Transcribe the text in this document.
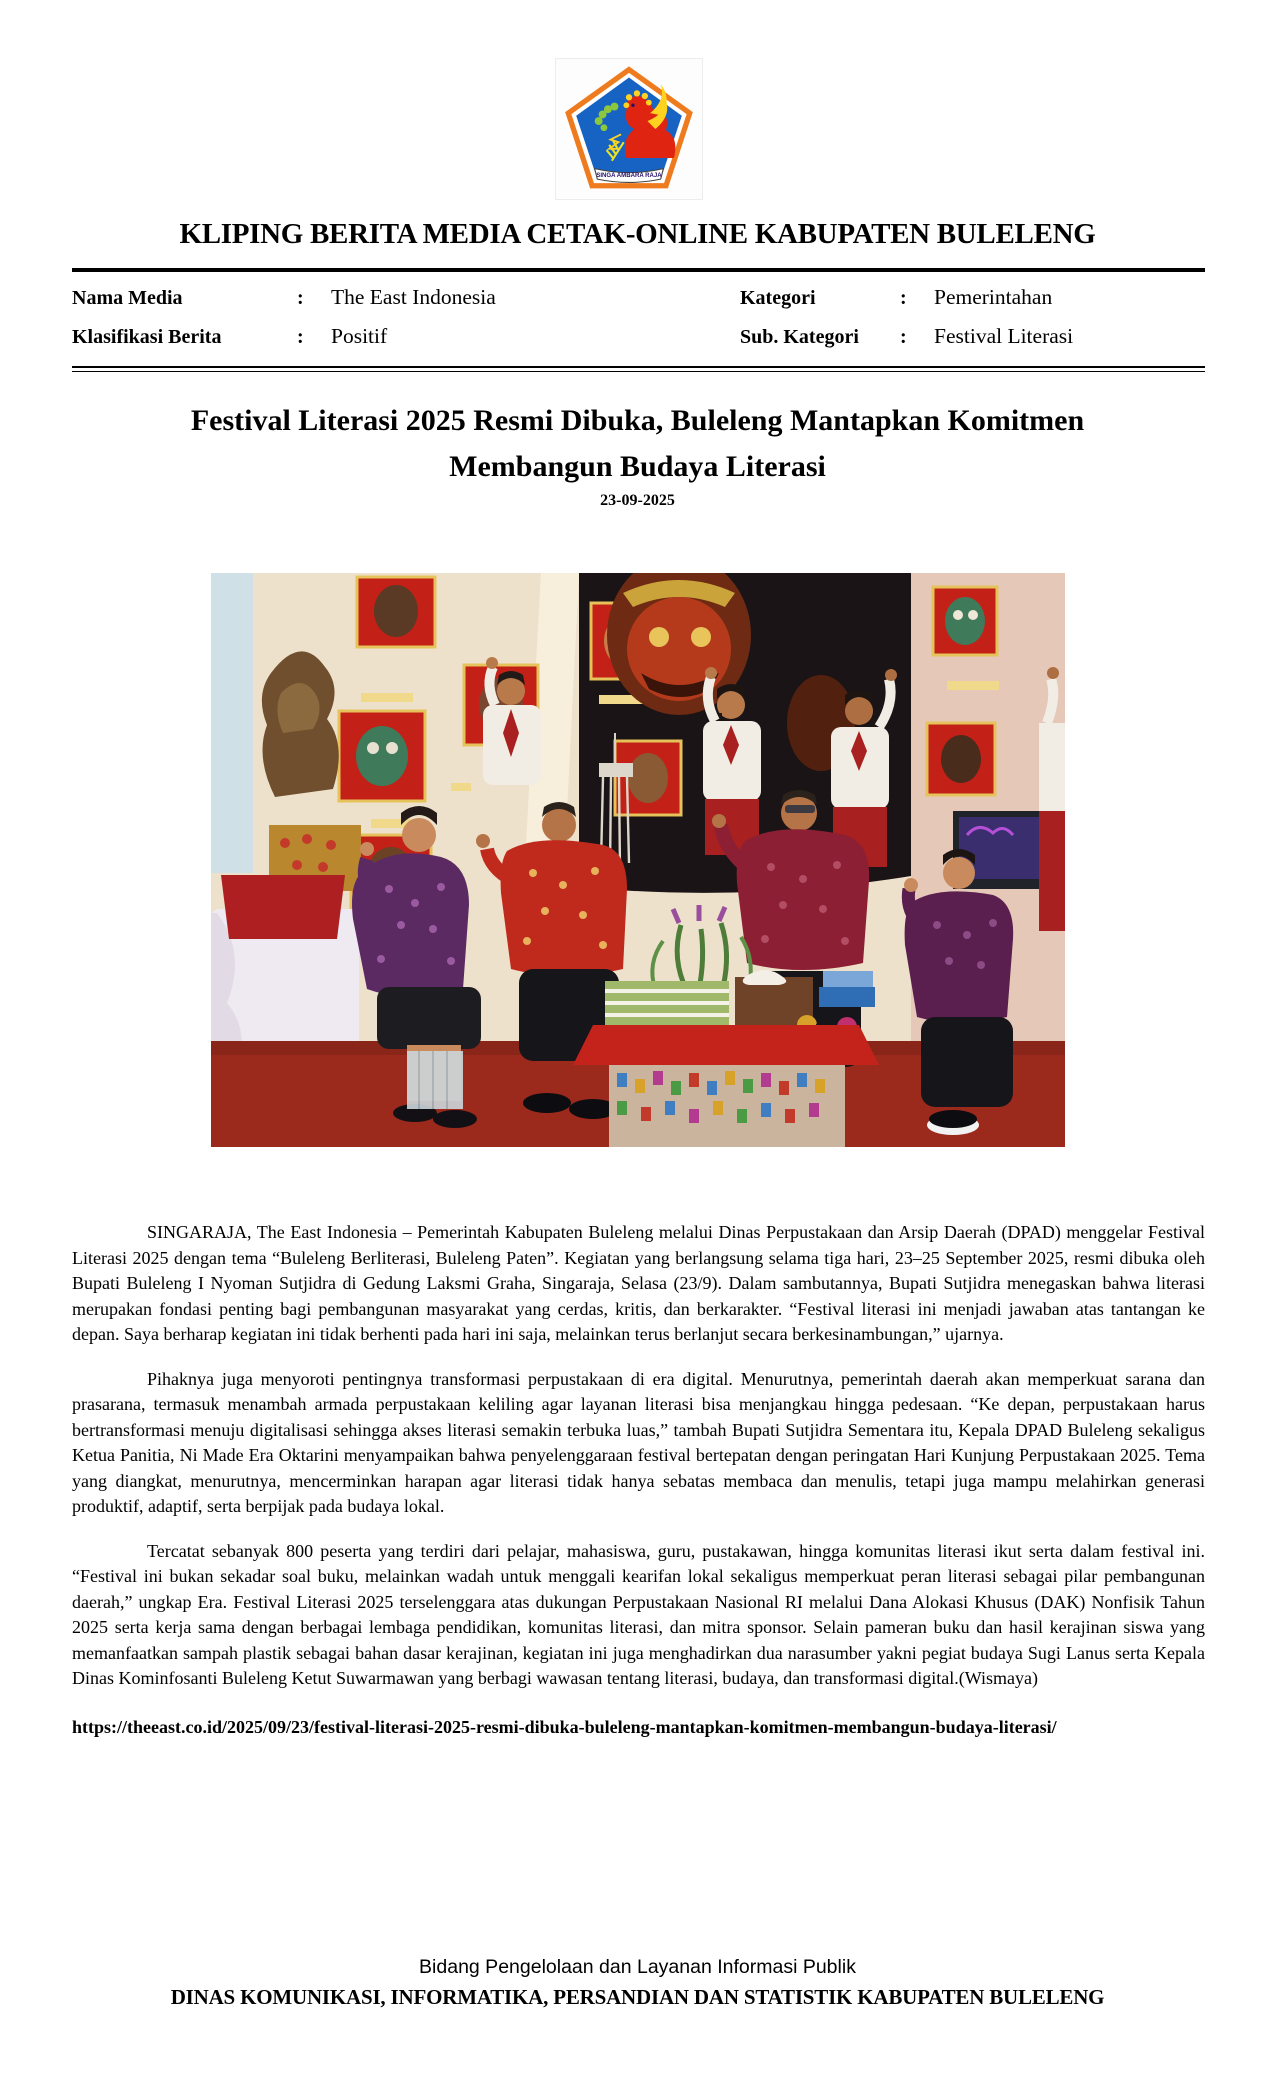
SINGA AMBARA RAJA
KLIPING BERITA MEDIA CETAK-ONLINE KABUPATEN BULELENG
Nama Media	:	The East Indonesia	Kategori	:	Pemerintahan
Klasifikasi Berita	:	Positif	Sub. Kategori	:	Festival Literasi
Festival Literasi 2025 Resmi Dibuka, Buleleng Mantapkan Komitmen
Membangun Budaya Literasi
23-09-2025

SINGARAJA, The East Indonesia – Pemerintah Kabupaten Buleleng melalui Dinas Perpustakaan dan Arsip Daerah (DPAD) menggelar Festival Literasi 2025 dengan tema “Buleleng Berliterasi, Buleleng Paten”. Kegiatan yang berlangsung selama tiga hari, 23–25 September 2025, resmi dibuka oleh Bupati Buleleng I Nyoman Sutjidra di Gedung Laksmi Graha, Singaraja, Selasa (23/9). Dalam sambutannya, Bupati Sutjidra menegaskan bahwa literasi merupakan fondasi penting bagi pembangunan masyarakat yang cerdas, kritis, dan berkarakter. “Festival literasi ini menjadi jawaban atas tantangan ke depan. Saya berharap kegiatan ini tidak berhenti pada hari ini saja, melainkan terus berlanjut secara berkesinambungan,” ujarnya.

Pihaknya juga menyoroti pentingnya transformasi perpustakaan di era digital. Menurutnya, pemerintah daerah akan memperkuat sarana dan prasarana, termasuk menambah armada perpustakaan keliling agar layanan literasi bisa menjangkau hingga pedesaan. “Ke depan, perpustakaan harus bertransformasi menuju digitalisasi sehingga akses literasi semakin terbuka luas,” tambah Bupati Sutjidra Sementara itu, Kepala DPAD Buleleng sekaligus Ketua Panitia, Ni Made Era Oktarini menyampaikan bahwa penyelenggaraan festival bertepatan dengan peringatan Hari Kunjung Perpustakaan 2025. Tema yang diangkat, menurutnya, mencerminkan harapan agar literasi tidak hanya sebatas membaca dan menulis, tetapi juga mampu melahirkan generasi produktif, adaptif, serta berpijak pada budaya lokal.

Tercatat sebanyak 800 peserta yang terdiri dari pelajar, mahasiswa, guru, pustakawan, hingga komunitas literasi ikut serta dalam festival ini. “Festival ini bukan sekadar soal buku, melainkan wadah untuk menggali kearifan lokal sekaligus memperkuat peran literasi sebagai pilar pembangunan daerah,” ungkap Era. Festival Literasi 2025 terselenggara atas dukungan Perpustakaan Nasional RI melalui Dana Alokasi Khusus (DAK) Nonfisik Tahun 2025 serta kerja sama dengan berbagai lembaga pendidikan, komunitas literasi, dan mitra sponsor. Selain pameran buku dan hasil kerajinan siswa yang memanfaatkan sampah plastik sebagai bahan dasar kerajinan, kegiatan ini juga menghadirkan dua narasumber yakni pegiat budaya Sugi Lanus serta Kepala Dinas Kominfosanti Buleleng Ketut Suwarmawan yang berbagi wawasan tentang literasi, budaya, dan transformasi digital.(Wismaya)

https://theeast.co.id/2025/09/23/festival-literasi-2025-resmi-dibuka-buleleng-mantapkan-komitmen-membangun-budaya-literasi/
Bidang Pengelolaan dan Layanan Informasi Publik
DINAS KOMUNIKASI, INFORMATIKA, PERSANDIAN DAN STATISTIK KABUPATEN BULELENG
